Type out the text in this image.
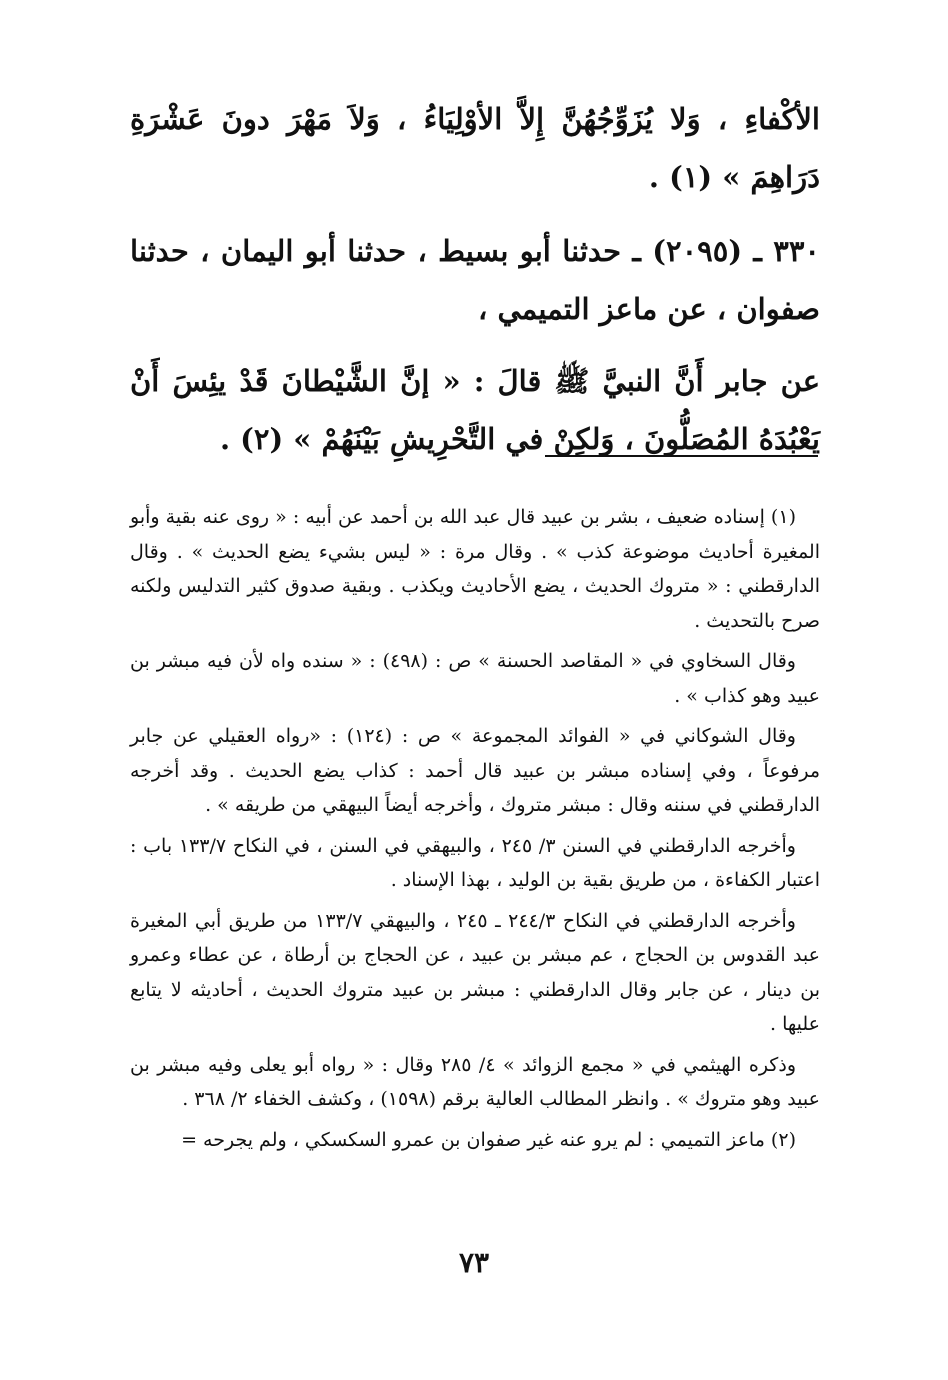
الأكْفاءِ ، وَلا يُزَوِّجُهُنَّ إِلاَّ الأوْلِيَاءُ ، وَلاَ مَهْرَ دونَ عَشْرَةِ دَرَاهِمَ » (١) .

٣٣٠ ـ (٢٠٩٥) ـ حدثنا أبو بسيط ، حدثنا أبو اليمان ، حدثنا صفوان ، عن ماعز التميمي ،

عن جابر أَنَّ النبيَّ ﷺ قالَ : « إنَّ الشَّيْطانَ قَدْ يئِسَ أَنْ يَعْبُدَهُ المُصَلُّونَ ، وَلكِنْ في التَّحْرِيشِ بَيْنَهُمْ » (٢) .

(١) إسناده ضعيف ، بشر بن عبيد قال عبد الله بن أحمد عن أبيه : « روى عنه بقية وأبو المغيرة أحاديث موضوعة كذب » . وقال مرة : « ليس بشيء يضع الحديث » . وقال الدارقطني : « متروك الحديث ، يضع الأحاديث ويكذب . وبقية صدوق كثير التدليس ولكنه صرح بالتحديث .

وقال السخاوي في « المقاصد الحسنة » ص : (٤٩٨) : « سنده واه لأن فيه مبشر بن عبيد وهو كذاب » .

وقال الشوكاني في « الفوائد المجموعة » ص : (١٢٤) : «رواه العقيلي عن جابر مرفوعاً ، وفي إسناده مبشر بن عبيد قال أحمد : كذاب يضع الحديث . وقد أخرجه الدارقطني في سننه وقال : مبشر متروك ، وأخرجه أيضاً البيهقي من طريقه » .

وأخرجه الدارقطني في السنن ٣/ ٢٤٥ ، والبيهقي في السنن ، في النكاح ١٣٣/٧ باب : اعتبار الكفاءة ، من طريق بقية بن الوليد ، بهذا الإسناد .

وأخرجه الدارقطني في النكاح ٢٤٤/٣ ـ ٢٤٥ ، والبيهقي ١٣٣/٧ من طريق أبي المغيرة عبد القدوس بن الحجاج ، عم مبشر بن عبيد ، عن الحجاج بن أرطاة ، عن عطاء وعمرو بن دينار ، عن جابر وقال الدارقطني : مبشر بن عبيد متروك الحديث ، أحاديثه لا يتابع عليها .

وذكره الهيثمي في « مجمع الزوائد » ٤/ ٢٨٥ وقال : « رواه أبو يعلى وفيه مبشر بن عبيد وهو متروك » . وانظر المطالب العالية برقم (١٥٩٨) ، وكشف الخفاء ٢/ ٣٦٨ .

(٢) ماعز التميمي : لم يرو عنه غير صفوان بن عمرو السكسكي ، ولم يجرحه =

٧٣
